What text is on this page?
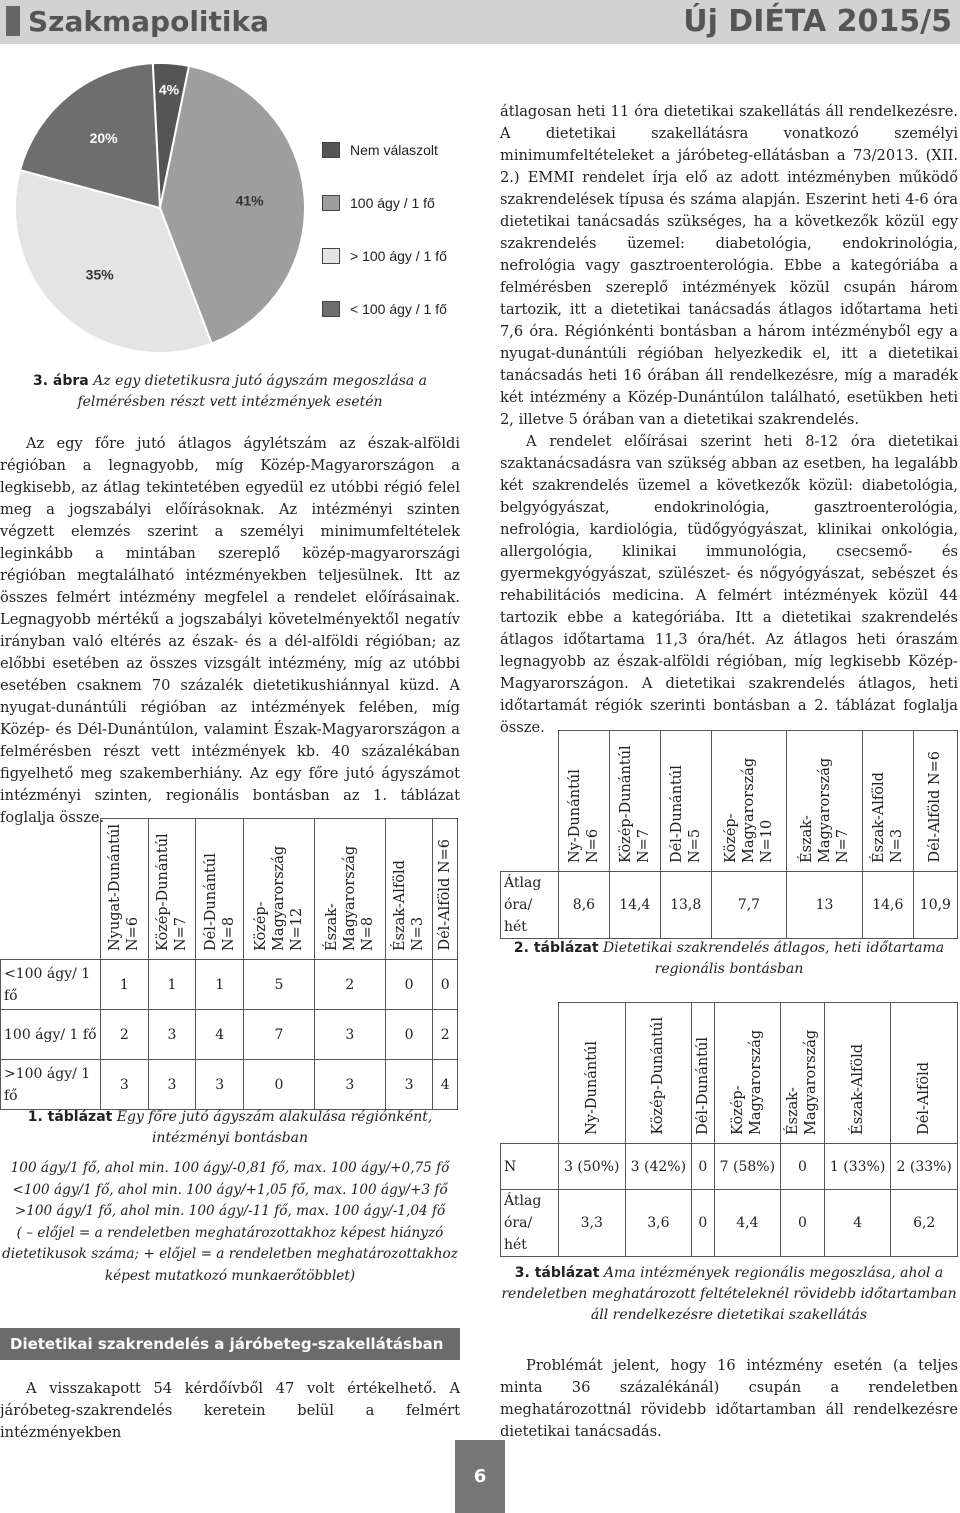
Szakmapolitika	Új DIÉTA 2015/5
4%
41%
35%
20%
Nem válaszolt
100 ágy / 1 fő
> 100 ágy / 1 fő
< 100 ágy / 1 fő
3. ábra Az egy dietetikusra jutó ágyszám megoszlása a felmérésben részt vett intézmények esetén

Az egy főre jutó átlagos ágylétszám az észak-alföldi régióban a legnagyobb, míg Közép-Magyarországon a legkisebb, az átlag tekintetében egyedül ez utóbbi régió felel meg a jogszabályi előírásoknak. Az intézményi szinten végzett elemzés szerint a személyi minimumfeltételek leginkább a mintában szereplő közép-magyarországi régióban megtalálható intézményekben teljesülnek. Itt az összes felmért intézmény megfelel a rendelet előírásainak. Legnagyobb mértékű a jogszabályi követelményektől negatív irányban való eltérés az észak- és a dél-alföldi régióban; az előbbi esetében az összes vizsgált intézmény, míg az utóbbi esetében csaknem 70 százalék dietetikushiánnyal küzd. A nyugat-dunántúli régióban az intézmények felében, míg Közép- és Dél-Dunántúlon, valamint Észak-Magyarországon a felmérésben részt vett intézmények kb. 40 százalékában figyelhető meg szakemberhiány. Az egy főre jutó ágyszámot intézményi szinten, regionális bontásban az 1. táblázat foglalja össze.

	Nyugat-Dunántúl N=6	Közép-Dunántúl N=7	Dél-Dunántúl N=8	Közép-Magyarország N=12	Észak-Magyarország N=8	Észak-Alföld N=3	Dél-Alföld N=6
<100 ágy/ 1 fő	1	1	1	5	2	0	0
100 ágy/ 1 fő	2	3	4	7	3	0	2
>100 ágy/ 1 fő	3	3	3	0	3	3	4
1. táblázat Egy főre jutó ágyszám alakulása régiónként, intézményi bontásban
100 ágy/1 fő, ahol min. 100 ágy/-0,81 fő, max. 100 ágy/+0,75 fő
<100 ágy/1 fő, ahol min. 100 ágy/+1,05 fő, max. 100 ágy/+3 fő
>100 ágy/1 fő, ahol min. 100 ágy/-11 fő, max. 100 ágy/-1,04 fő
( – előjel = a rendeletben meghatározottakhoz képest hiányzó dietetikusok száma; + előjel = a rendeletben meghatározottakhoz képest mutatkozó munkaerőtöbblet)
Dietetikai szakrendelés a járóbeteg-szakellátásban

A visszakapott 54 kérdőívből 47 volt értékelhető. A járóbeteg-szakrendelés keretein belül a felmért intézményekben

átlagosan heti 11 óra dietetikai szakellátás áll rendelkezésre. A dietetikai szakellátásra vonatkozó személyi minimumfeltételeket a járóbeteg-ellátásban a 73/2013. (XII. 2.) EMMI rendelet írja elő az adott intézményben működő szakrendelések típusa és száma alapján. Eszerint heti 4-6 óra dietetikai tanácsadás szükséges, ha a következők közül egy szakrendelés üzemel: diabetológia, endokrinológia, nefrológia vagy gasztroenterológia. Ebbe a kategóriába a felmérésben szereplő intézmények közül csupán három tartozik, itt a dietetikai tanácsadás átlagos időtartama heti 7,6 óra. Régiónkénti bontásban a három intézményből egy a nyugat-dunántúli régióban helyezkedik el, itt a dietetikai tanácsadás heti 16 órában áll rendelkezésre, míg a maradék két intézmény a Közép-Dunántúlon található, esetükben heti 2, illetve 5 órában van a dietetikai szakrendelés.

A rendelet előírásai szerint heti 8-12 óra dietetikai szaktanácsadásra van szükség abban az esetben, ha legalább két szakrendelés üzemel a következők közül: diabetológia, belgyógyászat, endokrinológia, gasztroenterológia, nefrológia, kardiológia, tüdőgyógyászat, klinikai onkológia, allergológia, klinikai immunológia, csecsemő- és gyermekgyógyászat, szülészet- és nőgyógyászat, sebészet és rehabilitációs medicina. A felmért intézmények közül 44 tartozik ebbe a kategóriába. Itt a dietetikai szakrendelés átlagos időtartama 11,3 óra/hét. Az átlagos heti óraszám legnagyobb az észak-alföldi régióban, míg legkisebb Közép-Magyarországon. A dietetikai szakrendelés átlagos, heti időtartamát régiók szerinti bontásban a 2. táblázat foglalja össze.

	Ny-Dunántúl N=6	Közép-Dunántúl N=7	Dél-Dunántúl N=5	Közép-Magyarország N=10	Észak-Magyarország N=7	Észak-Alföld N=3	Dél-Alföld N=6
Átlag óra/ hét	8,6	14,4	13,8	7,7	13	14,6	10,9
2. táblázat Dietetikai szakrendelés átlagos, heti időtartama regionális bontásban
	Ny-Dunántúl	Közép-Dunántúl	Dél-Dunántúl	Közép-Magyarország	Észak-Magyarország	Észak-Alföld	Dél-Alföld
N	3 (50%)	3 (42%)	0	7 (58%)	0	1 (33%)	2 (33%)
Átlag óra/ hét	3,3	3,6	0	4,4	0	4	6,2
3. táblázat Ama intézmények regionális megoszlása, ahol a rendeletben meghatározott feltételeknél rövidebb időtartamban áll rendelkezésre dietetikai szakellátás

Problémát jelent, hogy 16 intézmény esetén (a teljes minta 36 százalékánál) csupán a rendeletben meghatározottnál rövidebb időtartamban áll rendelkezésre dietetikai tanácsadás.

6
